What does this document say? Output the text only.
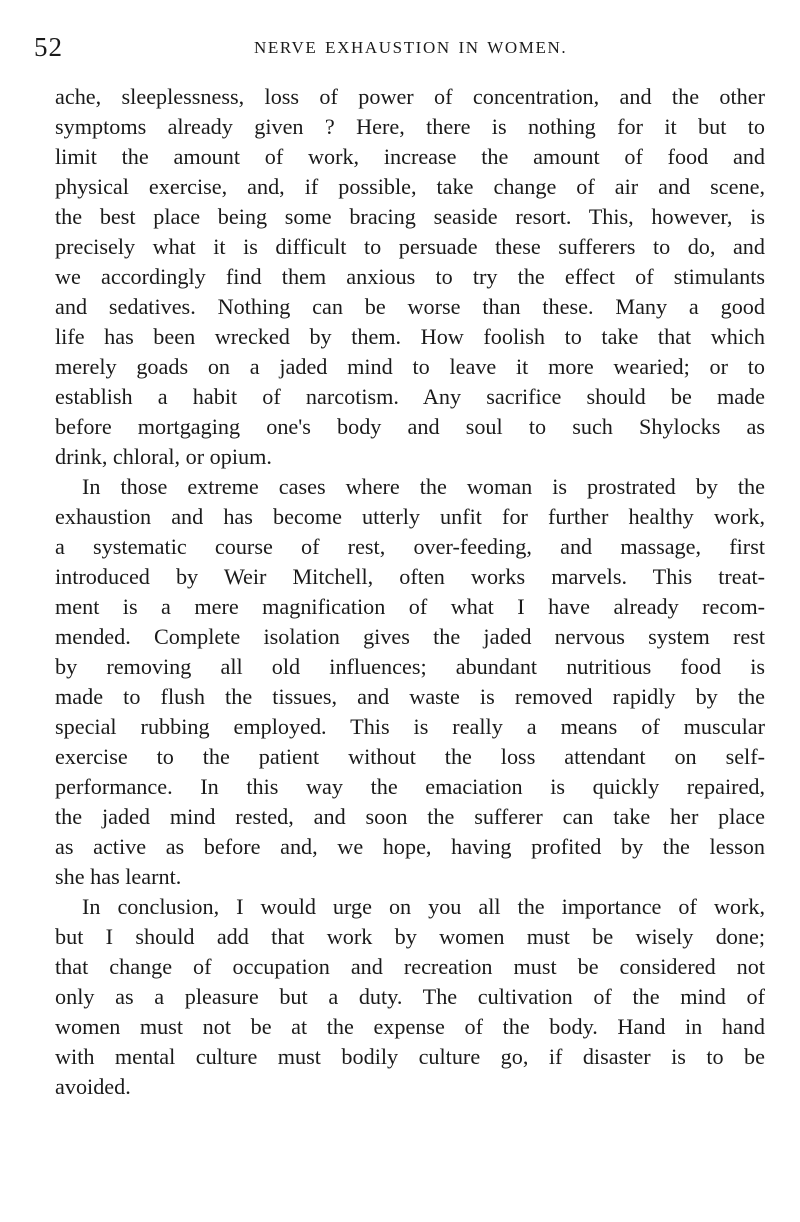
52	NERVE EXHAUSTION IN WOMEN.
ache, sleeplessness, loss of power of concentration, and the other
symptoms already given ? Here, there is nothing for it but to
limit the amount of work, increase the amount of food and
physical exercise, and, if possible, take change of air and scene,
the best place being some bracing seaside resort. This, however, is
precisely what it is difficult to persuade these sufferers to do, and
we accordingly find them anxious to try the effect of stimulants
and sedatives. Nothing can be worse than these. Many a good
life has been wrecked by them. How foolish to take that which
merely goads on a jaded mind to leave it more wearied; or to
establish a habit of narcotism. Any sacrifice should be made
before mortgaging one's body and soul to such Shylocks as
drink, chloral, or opium.
In those extreme cases where the woman is prostrated by the
exhaustion and has become utterly unfit for further healthy work,
a systematic course of rest, over-feeding, and massage, first
introduced by Weir Mitchell, often works marvels. This treat-
ment is a mere magnification of what I have already recom-
mended. Complete isolation gives the jaded nervous system rest
by removing all old influences; abundant nutritious food is
made to flush the tissues, and waste is removed rapidly by the
special rubbing employed. This is really a means of muscular
exercise to the patient without the loss attendant on self-
performance. In this way the emaciation is quickly repaired,
the jaded mind rested, and soon the sufferer can take her place
as active as before and, we hope, having profited by the lesson
she has learnt.
In conclusion, I would urge on you all the importance of work,
but I should add that work by women must be wisely done;
that change of occupation and recreation must be considered not
only as a pleasure but a duty. The cultivation of the mind of
women must not be at the expense of the body. Hand in hand
with mental culture must bodily culture go, if disaster is to be
avoided.
